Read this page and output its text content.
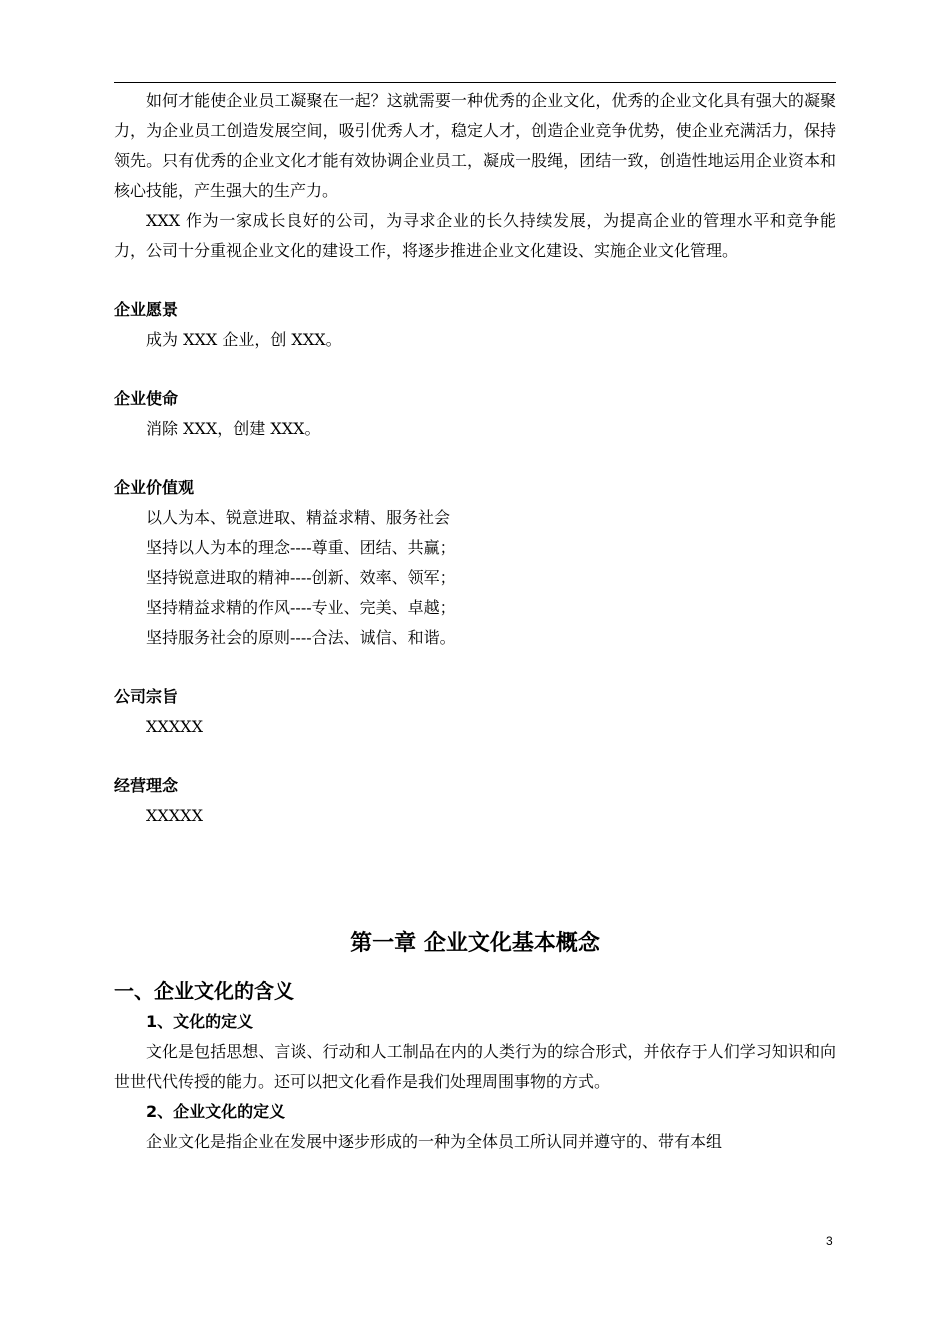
如何才能使企业员工凝聚在一起？这就需要一种优秀的企业文化，优秀的企业文化具有强大的凝聚力，为企业员工创造发展空间，吸引优秀人才，稳定人才，创造企业竞争优势，使企业充满活力，保持领先。只有优秀的企业文化才能有效协调企业员工，凝成一股绳，团结一致，创造性地运用企业资本和核心技能，产生强大的生产力。

XXX 作为一家成长良好的公司，为寻求企业的长久持续发展，为提高企业的管理水平和竞争能力，公司十分重视企业文化的建设工作，将逐步推进企业文化建设、实施企业文化管理。

企业愿景

成为 XXX 企业，创 XXX。

企业使命

消除 XXX，创建 XXX。

企业价值观

以人为本、锐意进取、精益求精、服务社会

坚持以人为本的理念----尊重、团结、共赢；

坚持锐意进取的精神----创新、效率、领军；

坚持精益求精的作风----专业、完美、卓越；

坚持服务社会的原则----合法、诚信、和谐。

公司宗旨

XXXXX

经营理念

XXXXX

第一章 企业文化基本概念

一、企业文化的含义

1、文化的定义

文化是包括思想、言谈、行动和人工制品在内的人类行为的综合形式，并依存于人们学习知识和向世世代代传授的能力。还可以把文化看作是我们处理周围事物的方式。

2、企业文化的定义

企业文化是指企业在发展中逐步形成的一种为全体员工所认同并遵守的、带有本组

3
